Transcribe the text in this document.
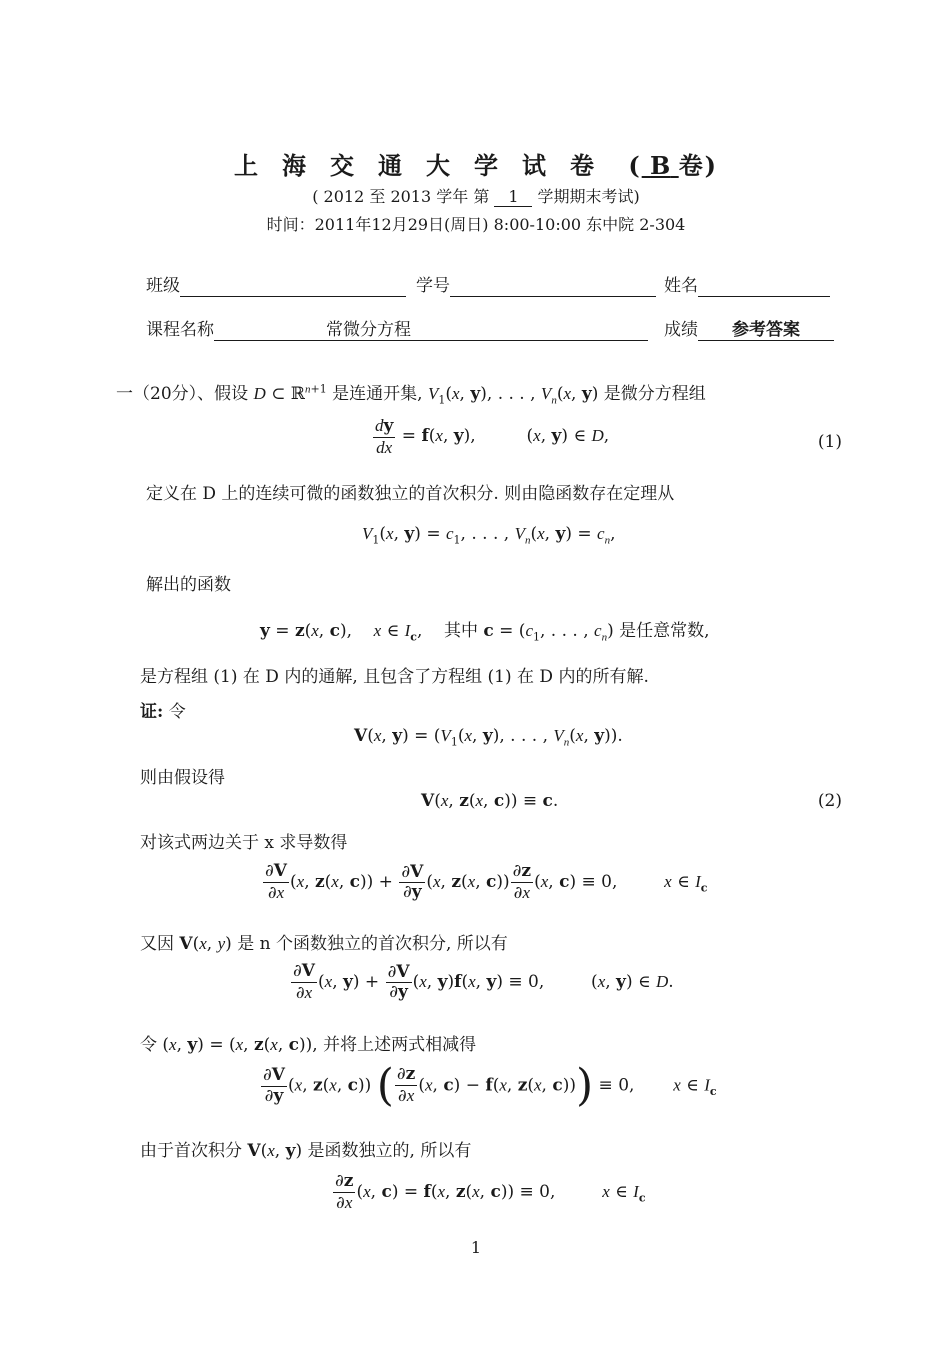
上海交通大学试卷 ( B 卷)
( 2012 至 2013 学年 第 1 学期期末考试)
时间：2011年12月29日(周日) 8:00-10:00 东中院 2-304
班级	学号	姓名
课程名称	常微分方程	成绩 参考答案
一（20分）、假设 D ⊂ ℝ$^{n+1}$ 是连通开集, $V_1(x$, y), . . . , $V_n(x$, y) 是微分方程组
$\frac{dy}{dx} = f(x$, y),  (x, y) ∈ D,	(1)
定义在 D 上的连续可微的函数独立的首次积分. 则由隐函数存在定理从
$V_1(x$, $y) = c_1$, . . . , $V_n(x$, $y) = c_n$,
解出的函数
y = z(x, c),    x ∈ $I_c$,    其中 $c = (c_1$, . . . , $c_n$) 是任意常数,
是方程组 (1) 在 D 内的通解, 且包含了方程组 (1) 在 D 内的所有解.
证: 令
V(x, $y) = (V_1(x$, y), . . . , $V_n(x$, y)).
则由假设得
V(x, z(x, c)) ≡ c.	(2)
对该式两边关于 x 求导数得
$\frac{\partial V}{\partial x} (x$, z(x, $c)) + \frac{\partial V}{\partial y} (x$, z(x, $c)) \frac{\partial z}{\partial x} (x$, c) ≡ 0,  x ∈ $I_c$
又因 V(x, y) 是 n 个函数独立的首次积分, 所以有
$\frac{\partial V}{\partial x} (x$, $y) + \frac{\partial V}{\partial y} (x$, y)f(x, y) ≡ 0,  (x, y) ∈ D.
令 (x, y) = (x, z(x, c)), 并将上述两式相减得
$\frac{\partial V}{\partial y} (x$, z(x, c)) ( $\frac{\partial z}{\partial x} (x$, c) − f(x, z(x, c))) ≡ 0,  x ∈ $I_c$
由于首次积分 V(x, y) 是函数独立的, 所以有
$\frac{\partial z}{\partial x} (x$, c) = f(x, z(x, c)) ≡ 0,  x ∈ $I_c$
1
